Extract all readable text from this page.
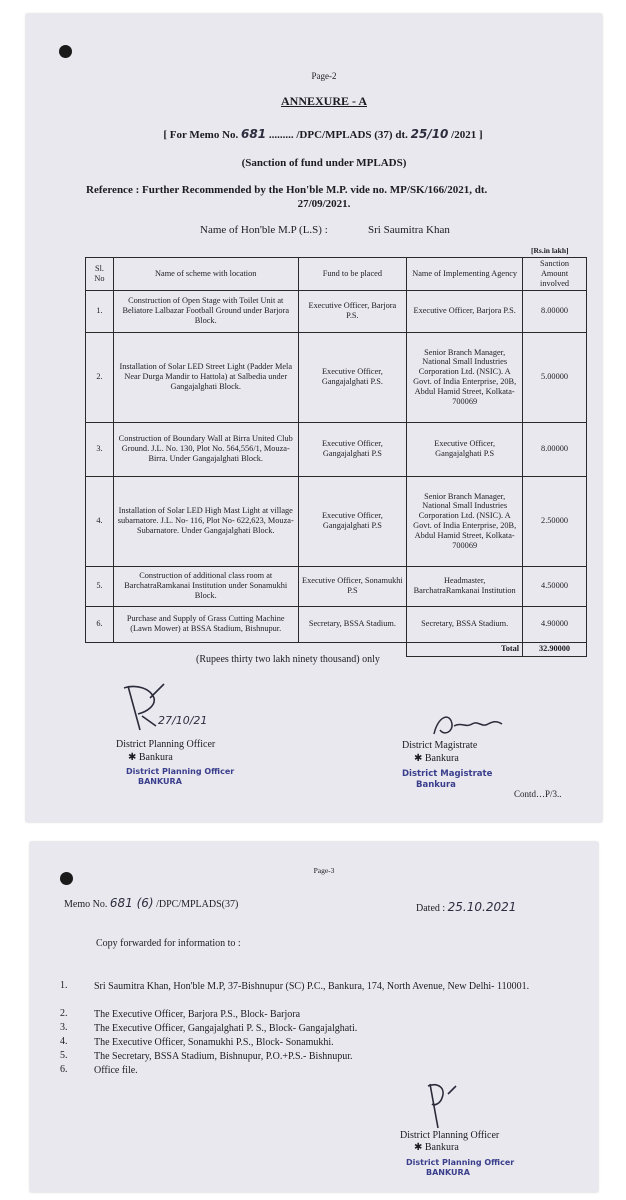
Page-2
ANNEXURE - A
[ For Memo No. 681 ......... /DPC/MPLADS (37) dt. 25/10 /2021 ]
(Sanction of fund under MPLADS)
Reference : Further Recommended by the Hon'ble M.P. vide no. MP/SK/166/2021, dt.
27/09/2021.
Name of Hon'ble M.P (L.S) :	Sri Saumitra Khan
[Rs.in lakh]
Sl. No	Name of scheme with location	Fund to be placed	Name of Implementing Agency	Sanction Amount involved
1.	Construction of Open Stage with Toilet Unit at Beliatore Lalbazar Football Ground under Barjora Block.	Executive Officer, Barjora P.S.	Executive Officer, Barjora P.S.	8.00000
2.	Installation of Solar LED Street Light (Padder Mela Near Durga Mandir to Hattola) at Salbedia under Gangajalghati Block.	Executive Officer, Gangajalghati P.S.	Senior Branch Manager, National Small Industries Corporation Ltd. (NSIC). A Govt. of India Enterprise, 20B, Abdul Hamid Street, Kolkata-700069	5.00000
3.	Construction of Boundary Wall at Birra United Club Ground. J.L. No. 130, Plot No. 564,556/1, Mouza- Birra. Under Gangajalghati Block.	Executive Officer, Gangajalghati P.S	Executive Officer, Gangajalghati P.S	8.00000
4.	Installation of Solar LED High Mast Light at village subarnatore. J.L. No- 116, Plot No- 622,623, Mouza- Subarnatore. Under Gangajalghati Block.	Executive Officer, Gangajalghati P.S	Senior Branch Manager, National Small Industries Corporation Ltd. (NSIC). A Govt. of India Enterprise, 20B, Abdul Hamid Street, Kolkata-700069	2.50000
5.	Construction of additional class room at BarchatraRamkanai Institution under Sonamukhi Block.	Executive Officer, Sonamukhi P.S	Headmaster, BarchatraRamkanai Institution	4.50000
6.	Purchase and Supply of Grass Cutting Machine (Lawn Mower) at BSSA Stadium, Bishnupur.	Secretary, BSSA Stadium.	Secretary, BSSA Stadium.	4.90000
			Total	32.90000
(Rupees thirty two lakh ninety thousand) only
27/10/21
District Planning Officer
✱ Bankura
District Planning Officer
BANKURA
District Magistrate
✱ Bankura
District Magistrate
Bankura
Contd…P/3..
Page-3
Memo No. 681 (6) /DPC/MPLADS(37)	Dated : 25.10.2021
Copy forwarded for information to :
1.	Sri Saumitra Khan, Hon'ble M.P, 37-Bishnupur (SC) P.C., Bankura, 174, North Avenue, New Delhi- 110001.
2.	The Executive Officer, Barjora P.S., Block- Barjora
3.	The Executive Officer, Gangajalghati P. S., Block- Gangajalghati.
4.	The Executive Officer, Sonamukhi P.S., Block- Sonamukhi.
5.	The Secretary, BSSA Stadium, Bishnupur, P.O.+P.S.- Bishnupur.
6.	Office file.
District Planning Officer
✱ Bankura
District Planning Officer
BANKURA
